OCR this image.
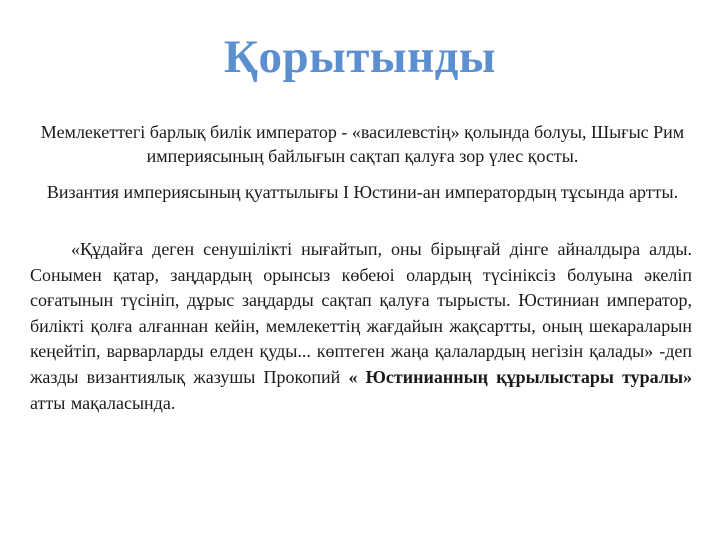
Қорытынды

Мемлекеттегі барлық билік император - «василевстің» қолында болуы, Шығыс Рим империясының байлығын сақтап қалуға зор үлес қосты.

Византия империясының қуаттылығы I Юстини-ан императордың тұсында артты.

«Құдайға деген сенушілікті нығайтып, оны бірыңғай дінге айналдыра алды. Сонымен қатар, заңдардың орынсыз көбеюі олардың түсініксіз болуына әкеліп соғатынын түсініп, дұрыс заңдарды сақтап қалуға тырысты. Юстиниан император, билікті қолға алғаннан кейін, мемлекеттің жағдайын жақсартты, оның шекараларын кеңейтіп, варварларды елден қуды... көптеген жаңа қалалардың негізін қалады» -деп жазды византиялық жазушы Прокопий « Юстинианның құрылыстары туралы» атты мақаласында.
